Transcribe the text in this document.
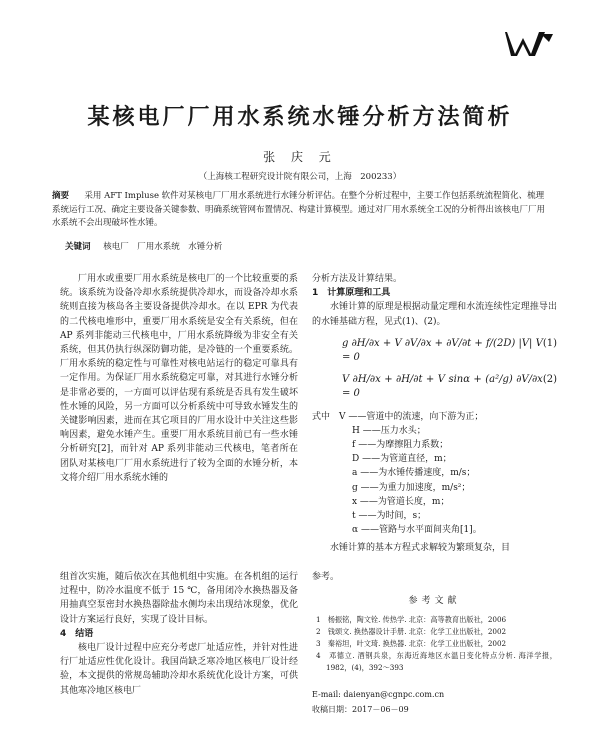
某核电厂厂用水系统水锤分析方法简析
张 庆 元
（上海核工程研究设计院有限公司，上海　200233）
摘要 采用 AFT Impluse 软件对某核电厂厂用水系统进行水锤分析评估。在整个分析过程中，主要工作包括系统流程简化、梳理系统运行工况、确定主要设备关键参数、明确系统管网布置情况、构建计算模型。通过对厂用水系统全工况的分析得出该核电厂厂用水系统不会出现破坏性水锤。
关键词 核电厂　厂用水系统　水锤分析

厂用水或重要厂用水系统是核电厂的一个比较重要的系统。该系统为设备冷却水系统提供冷却水，而设备冷却水系统则直接为核岛各主要设备提供冷却水。在以 EPR 为代表的二代核电堆形中，重要厂用水系统是安全有关系统，但在 AP 系列非能动三代核电中，厂用水系统降级为非安全有关系统，但其仍执行纵深防御功能，是冷链的一个重要系统。厂用水系统的稳定性与可靠性对核电站运行的稳定可靠具有一定作用。为保证厂用水系统稳定可靠，对其进行水锤分析是非常必要的，一方面可以评估现有系统是否具有发生破坏性水锤的风险，另一方面可以分析系统中可导致水锤发生的关键影响因素，进而在其它项目的厂用水设计中关注这些影响因素，避免水锤产生。重要厂用水系统目前已有一些水锤分析研究[2]，而针对 AP 系列非能动三代核电，笔者所在团队对某核电厂厂用水系统进行了较为全面的水锤分析，本文将介绍厂用水系统水锤的

分析方法及计算结果。

1　计算原理和工具

水锤计算的原理是根据动量定理和水流连续性定理推导出的水锤基础方程，见式(1)、(2)。

g ∂H/∂x + V ∂V/∂x + ∂V/∂t + f/(2D) |V| V = 0
(1)
V ∂H/∂x + ∂H/∂t + V sinα + (a²/g) ∂V/∂x = 0
(2)

式中　V ——管道中的流速，向下游为正；

H ——压力水头；

f ——为摩擦阻力系数；

D ——为管道直径，m；

a ——为水锤传播速度，m/s；

g ——为重力加速度，m/s²；

x ——为管道长度，m；

t ——为时间，s；

α ——管路与水平面间夹角[1]。

水锤计算的基本方程式求解较为繁琐复杂，目

组首次实施，随后依次在其他机组中实施。在各机组的运行过程中，防冷水温度不低于 15 ℃，备用闭冷水换热器及备用抽真空泵密封水换热器除盐水侧均未出现结冰现象，优化设计方案运行良好，实现了设计目标。

4　结语

核电厂设计过程中应充分考虑厂址适应性，并针对性进行厂址适应性优化设计。我国尚缺乏寒冷地区核电厂设计经验，本文提供的常规岛辅助冷却水系统优化设计方案，可供其他寒冷地区核电厂

参考。

参考文献

1　杨振铭，陶文铨. 传热学. 北京：高等教育出版社，2006

2　钱颂文. 换热器设计手册. 北京：化学工业出版社，2002

3　秦裕坦，叶文琦. 换热器. 北京：化学工业出版社，2002

4　邓德立. 酒钢兵泉，东海近海地区水温日变化特点分析. 海洋学报，1982，(4)，392～393

E-mail: daienyan@cgnpc.com.cn
收稿日期：2017－06－09
